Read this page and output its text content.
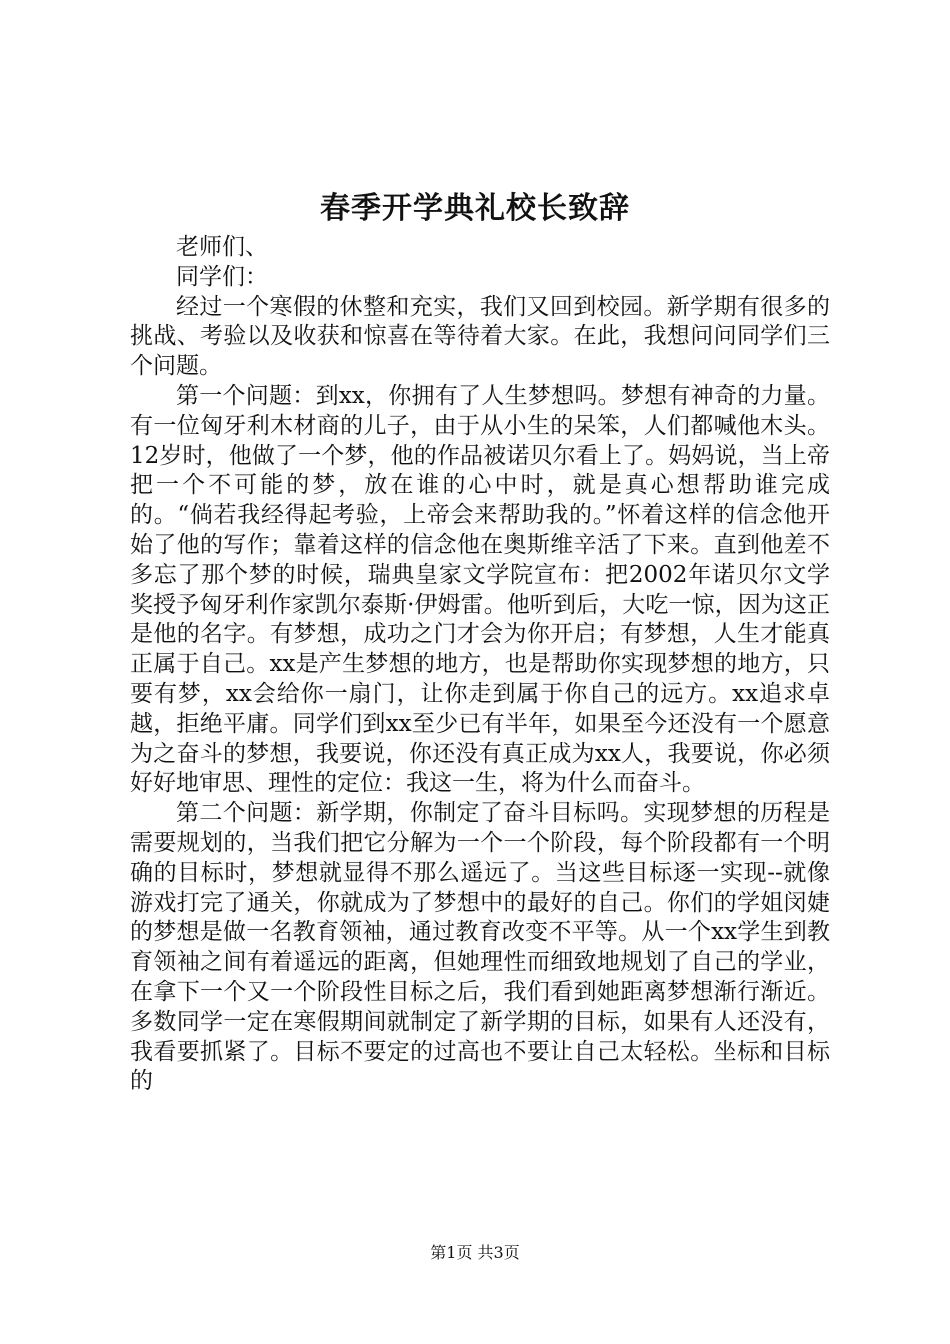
春季开学典礼校长致辞

老师们、

同学们：

经过一个寒假的休整和充实，我们又回到校园。新学期有很多的挑战、考验以及收获和惊喜在等待着大家。在此，我想问问同学们三个问题。

第一个问题：到xx，你拥有了人生梦想吗。梦想有神奇的力量。有一位匈牙利木材商的儿子，由于从小生的呆笨，人们都喊他木头。12岁时，他做了一个梦，他的作品被诺贝尔看上了。妈妈说，当上帝把一个不可能的梦，放在谁的心中时，就是真心想帮助谁完成的。“倘若我经得起考验，上帝会来帮助我的。”怀着这样的信念他开始了他的写作；靠着这样的信念他在奥斯维辛活了下来。直到他差不多忘了那个梦的时候，瑞典皇家文学院宣布：把2002年诺贝尔文学奖授予匈牙利作家凯尔泰斯·伊姆雷。他听到后，大吃一惊，因为这正是他的名字。有梦想，成功之门才会为你开启；有梦想，人生才能真正属于自己。xx是产生梦想的地方，也是帮助你实现梦想的地方，只要有梦，xx会给你一扇门，让你走到属于你自己的远方。xx追求卓越，拒绝平庸。同学们到xx至少已有半年，如果至今还没有一个愿意为之奋斗的梦想，我要说，你还没有真正成为xx人，我要说，你必须好好地审思、理性的定位：我这一生，将为什么而奋斗。

第二个问题：新学期，你制定了奋斗目标吗。实现梦想的历程是需要规划的，当我们把它分解为一个一个阶段，每个阶段都有一个明确的目标时，梦想就显得不那么遥远了。当这些目标逐一实现--就像游戏打完了通关，你就成为了梦想中的最好的自己。你们的学姐闵婕的梦想是做一名教育领袖，通过教育改变不平等。从一个xx学生到教育领袖之间有着遥远的距离，但她理性而细致地规划了自己的学业，在拿下一个又一个阶段性目标之后，我们看到她距离梦想渐行渐近。多数同学一定在寒假期间就制定了新学期的目标，如果有人还没有，我看要抓紧了。目标不要定的过高也不要让自己太轻松。坐标和目标的

第1页 共3页
